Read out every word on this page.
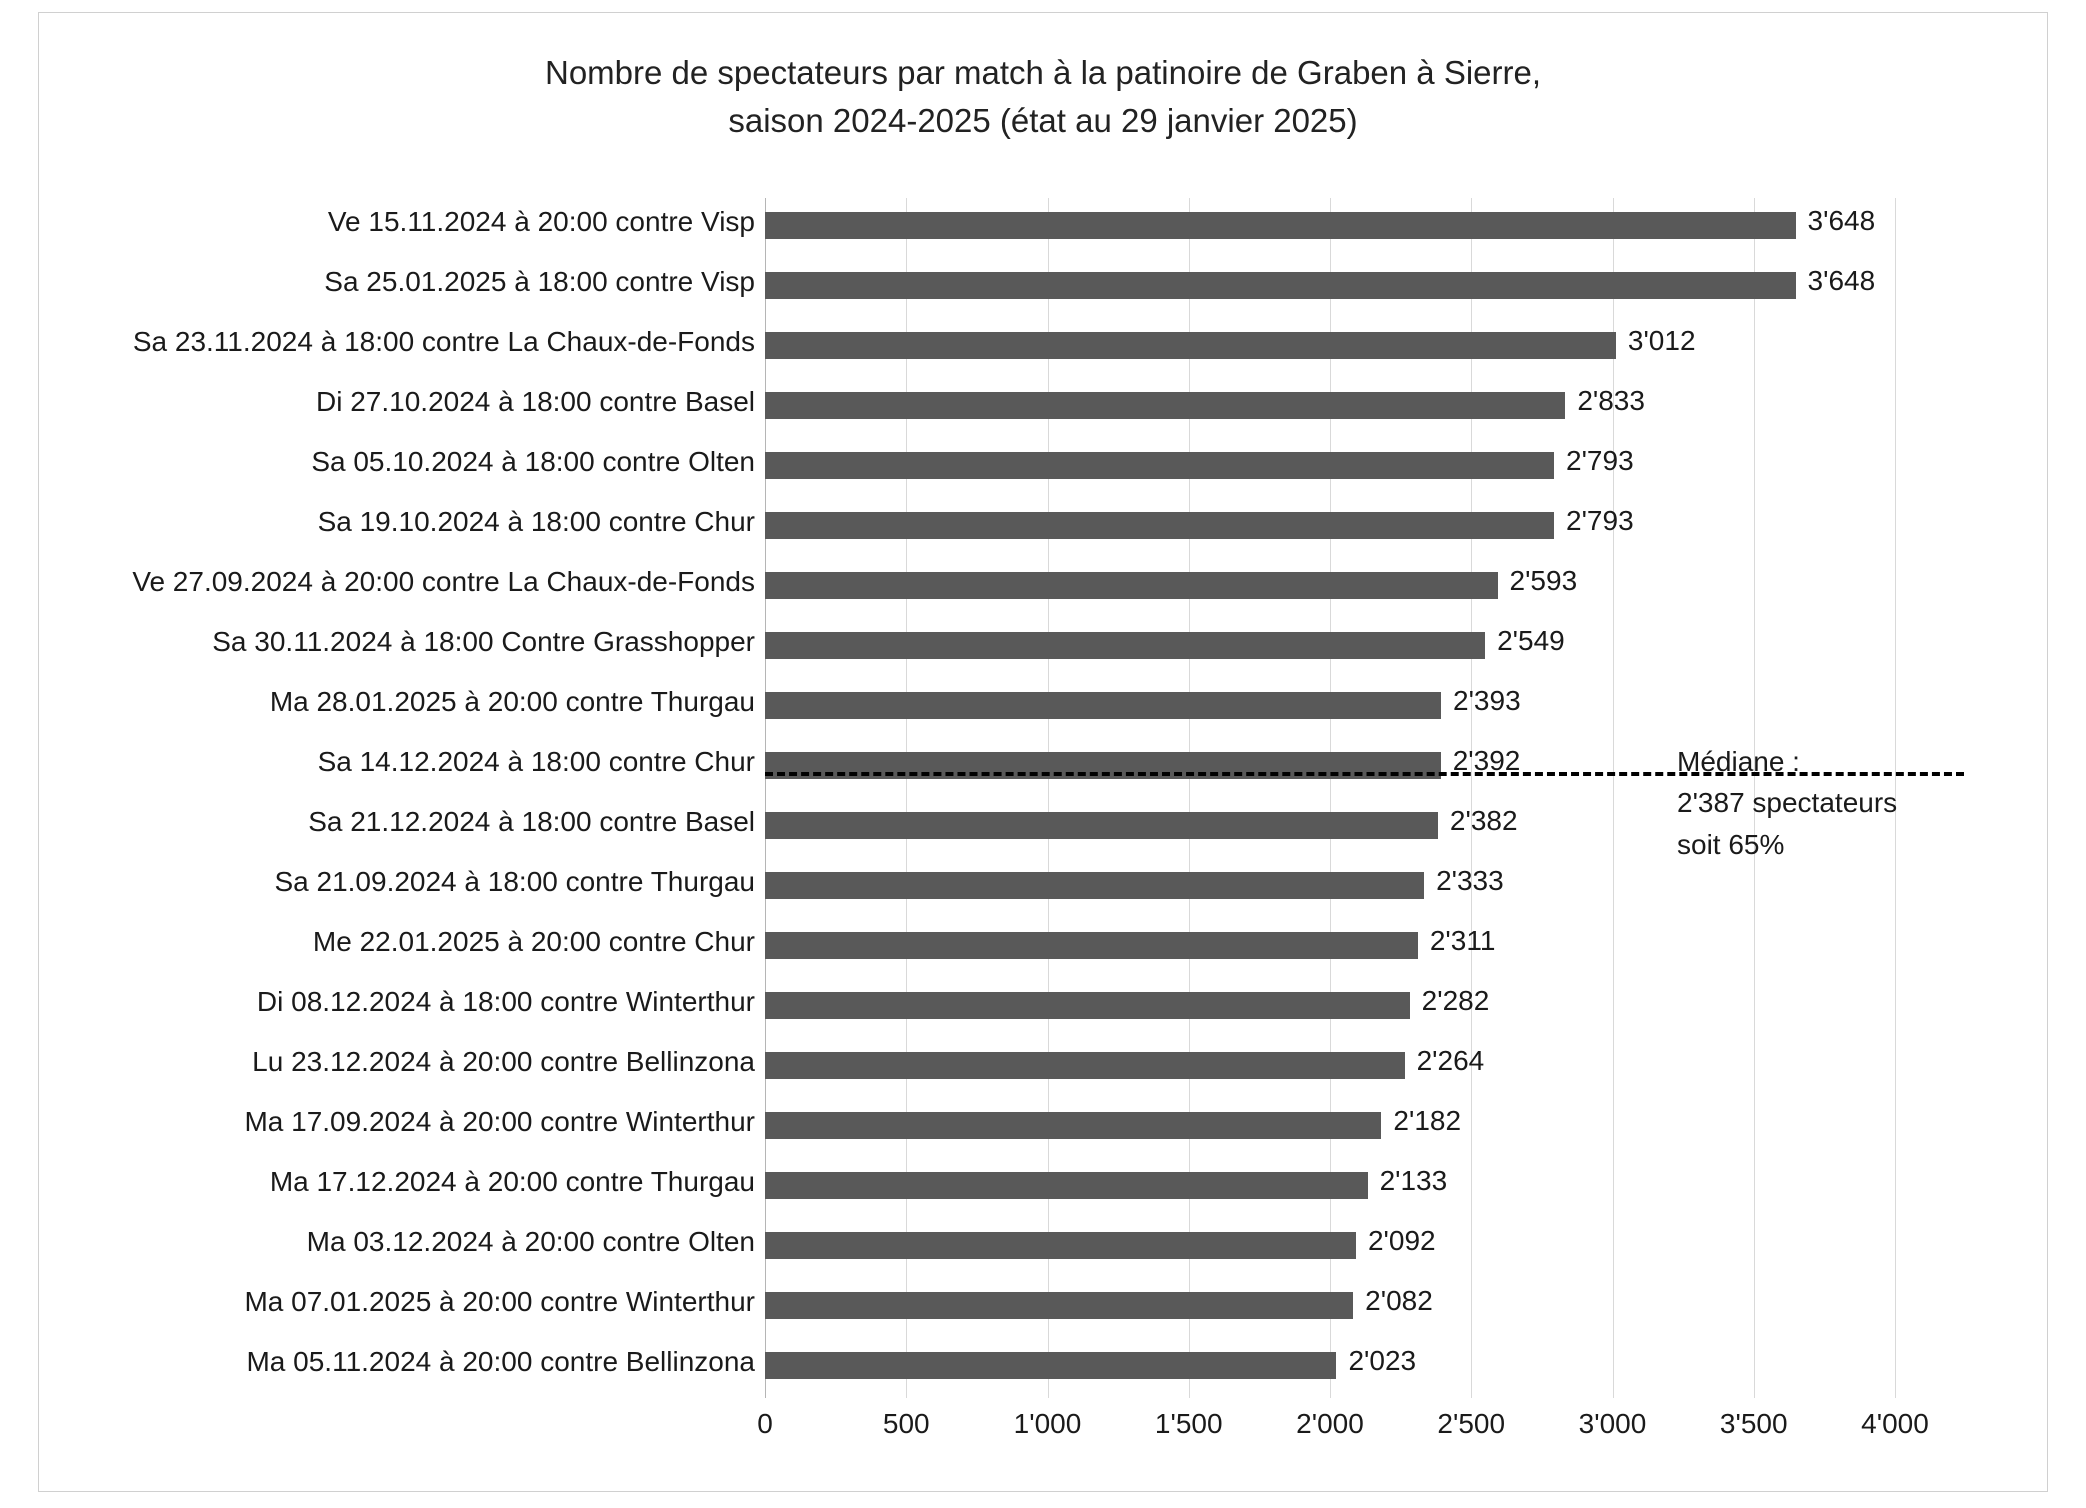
Nombre de spectateurs par match à la patinoire de Graben à Sierre,
saison 2024-2025 (état au 29 janvier 2025)
Ve 15.11.2024 à 20:00 contre Visp	3'648
Sa 25.01.2025 à 18:00 contre Visp	3'648
Sa 23.11.2024 à 18:00 contre La Chaux-de-Fonds	3'012
Di 27.10.2024 à 18:00 contre Basel	2'833
Sa 05.10.2024 à 18:00 contre Olten	2'793
Sa 19.10.2024 à 18:00 contre Chur	2'793
Ve 27.09.2024 à 20:00 contre La Chaux-de-Fonds	2'593
Sa 30.11.2024 à 18:00 Contre Grasshopper	2'549
Ma 28.01.2025 à 20:00 contre Thurgau	2'393
Sa 14.12.2024 à 18:00 contre Chur	2'392
Sa 21.12.2024 à 18:00 contre Basel	2'382
Sa 21.09.2024 à 18:00 contre Thurgau	2'333
Me 22.01.2025 à 20:00 contre Chur	2'311
Di 08.12.2024 à 18:00 contre Winterthur	2'282
Lu 23.12.2024 à 20:00 contre Bellinzona	2'264
Ma 17.09.2024 à 20:00 contre Winterthur	2'182
Ma 17.12.2024 à 20:00 contre Thurgau	2'133
Ma 03.12.2024 à 20:00 contre Olten	2'092
Ma 07.01.2025 à 20:00 contre Winterthur	2'082
Ma 05.11.2024 à 20:00 contre Bellinzona	2'023
Médiane :
2'387 spectateurs
soit 65%
0	500	1'000	1'500	2'000	2'500	3'000	3'500	4'000
